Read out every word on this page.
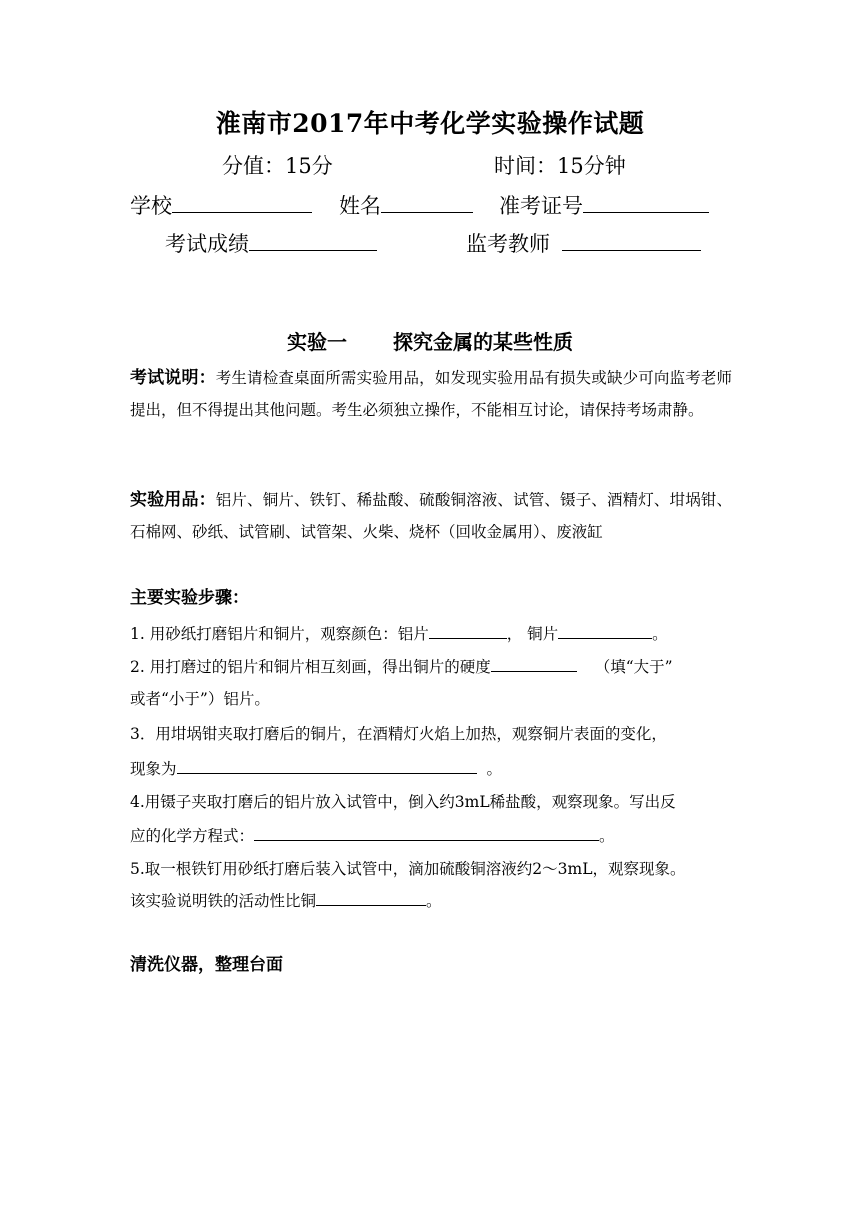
淮南市2017年中考化学实验操作试题
分值：15分	时间：15分钟
学校	姓名	准考证号
考试成绩	监考教师
实验一 探究金属的某些性质
考试说明：考生请检查桌面所需实验用品，如发现实验用品有损失或缺少可向监考老师提出，但不得提出其他问题。考生必须独立操作，不能相互讨论，请保持考场肃静。
实验用品：铝片、铜片、铁钉、稀盐酸、硫酸铜溶液、试管、镊子、酒精灯、坩埚钳、石棉网、砂纸、试管刷、试管架、火柴、烧杯（回收金属用）、废液缸
主要实验步骤：
1. 用砂纸打磨铝片和铜片，观察颜色：铝片	， 铜片	。
2. 用打磨过的铝片和铜片相互刻画，得出铜片的硬度	（填“大于”
或者“小于”）铝片。
3．用坩埚钳夹取打磨后的铜片，在酒精灯火焰上加热，观察铜片表面的变化，
现象为	。
4.用镊子夹取打磨后的铝片放入试管中，倒入约3mL稀盐酸，观察现象。写出反
应的化学方程式：	。
5.取一根铁钉用砂纸打磨后装入试管中，滴加硫酸铜溶液约2～3mL，观察现象。
该实验说明铁的活动性比铜	。
清洗仪器，整理台面
